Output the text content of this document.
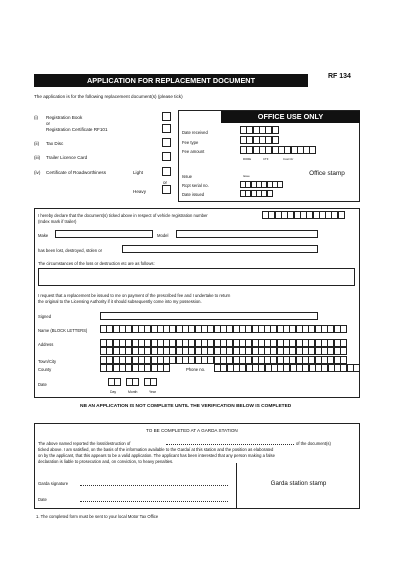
APPLICATION FOR REPLACEMENT DOCUMENT	RF 134
The application is for the following replacement document(s) (please tick)
(i) Registration Book
or
Registration Certificate RF101
(ii) Tax Disc
(iii) Trailer Licence Card
(iv) Certificate of Roadworthiness	Light
or
Heavy
OFFICE USE ONLY
Date received
Fee type
Fee amount
RORE	CTF	Cost Ctr
Issue	Issue
Rcpt serial no.
Date issued
Office stamp
I hereby declare that the document(s) ticked above in respect of vehicle registration number
(Index mark if trailer)
Make	Model
has been lost, destroyed, stolen or
The circumstances of the loss or destruction etc are as follows:
I request that a replacement be issued to me on payment of the prescribed fee and I undertake to return
the original to the Licensing Authority if it should subsequently come into my possession.
Signed
Name (BLOCK LETTERS)
Address
Town/City
County	Phone no.
Date
Day	Month	Year
NB AN APPLICATION IS NOT COMPLETE UNTIL THE VERIFICATION BELOW IS COMPLETED
TO BE COMPLETED AT A GARDA STATION
The above named reported the loss/destruction of	of the document(s)
ticked above. I am satisfied, on the basis of the information available to the Gardaí at this station and the position as elaborated
on by the applicant, that this appears to be a valid application. The applicant has been interested that any person making a false
declaration is liable to prosecution and, on conviction, to heavy penalties.
Garda signature
Date
Garda station stamp
1. The completed form must be sent to your local Motor Tax Office
